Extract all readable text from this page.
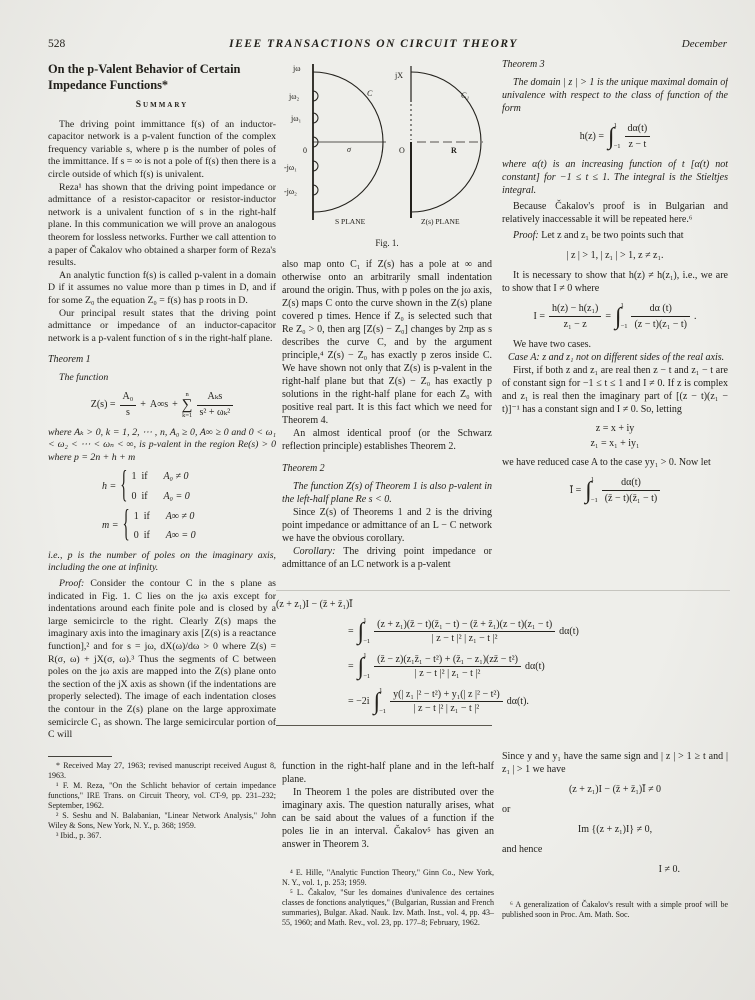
528	IEEE TRANSACTIONS ON CIRCUIT THEORY	December
On the p-Valent Behavior of Certain Impedance Functions*
Summary

The driving point immittance f(s) of an inductor-capacitor network is a p-valent function of the complex frequency variable s, where p is the number of poles of the immittance. If s = ∞ is not a pole of f(s) then there is a circle outside of which f(s) is univalent.

Reza¹ has shown that the driving point impedance or admittance of a resistor-capacitor or resistor-inductor network is a univalent function of s in the right-half plane. In this communication we will prove an analogous theorem for lossless networks. Further we call attention to a paper of Čakalov who obtained a sharper form of Reza's results.

An analytic function f(s) is called p-valent in a domain D if it assumes no value more than p times in D, and if for some Z₀ the equation Z₀ = f(s) has p roots in D.

Our principal result states that the driving point admittance or impedance of an inductor-capacitor network is a p-valent function of s in the right-half plane.

Theorem 1

The function

$Z(s) = \frac{\text{A₀}}{s} + A\infty s$ +
n
∑
$k=1 \frac{\text{Aₖs}}{\text{s² + ωₖ²}}$

where Aₖ > 0, k = 1, 2, ⋯ , n, A₀ ≥ 0, A∞ ≥ 0 and 0 < ω₁ < ω₂ < ⋯ < ωₙ < ∞, is p-valent in the region Re(s) > 0 where p = 2n + h + m

h = { 1 if	A₀ ≠ 0
0 if	A₀ = 0
m = { 1 if	A∞ ≠ 0
0 if	A∞ = 0

i.e., p is the number of poles on the imaginary axis, including the one at infinity.

Proof: Consider the contour C in the s plane as indicated in Fig. 1. C lies on the jω axis except for indentations around each finite pole and is closed by a large semicircle to the right. Clearly Z(s) maps the imaginary axis into the imaginary axis [Z(s) is a reactance function],² and for s = jω, dX(ω)/dω > 0 where Z(s) = R(σ, ω) + jX(σ, ω).³ Thus the segments of C between poles on the jω axis are mapped into the Z(s) plane onto the section of the jX axis as shown (if the indentations are properly selected). The image of each indentation closes the contour in the Z(s) plane on the large approximate semicircle C₁ as shown. The large semicircular portion of C will

* Received May 27, 1963; revised manuscript received August 8, 1963.

¹ F. M. Reza, "On the Schlicht behavior of certain impedance functions," IRE Trans. on Circuit Theory, vol. CT-9, pp. 231–232; September, 1962.

² S. Seshu and N. Balabanian, "Linear Network Analysis," John Wiley & Sons, New York, N. Y., p. 368; 1959.

³ Ibid., p. 367.

jω
jω₂
jω₁
0	σ
C
-jω₁
-jω₂
S PLANE
jX
C₁
O	R
Z(s) PLANE
Fig. 1.

also map onto C₁ if Z(s) has a pole at ∞ and otherwise onto an arbitrarily small indentation around the origin. Thus, with p poles on the jω axis, Z(s) maps C onto the curve shown in the Z(s) plane covered p times. Hence if Z₀ is selected such that Re Z₀ > 0, then arg [Z(s) − Z₀] changes by 2πp as s describes the curve C, and by the argument principle,⁴ Z(s) − Z₀ has exactly p zeros inside C. We have shown not only that Z(s) is p-valent in the right-half plane but that Z(s) − Z₀ has exactly p solutions in the right-half plane for each Z₀ with positive real part. It is this fact which we need for Theorem 4.

An almost identical proof (or the Schwarz reflection principle) establishes Theorem 2.

Theorem 2

The function Z(s) of Theorem 1 is also p-valent in the left-half plane Re s < 0.

Since Z(s) of Theorems 1 and 2 is the driving point impedance or admittance of an L − C network we have the obvious corollary.

Corollary: The driving point impedance or admittance of an LC network is a p-valent

Theorem 3

The domain | z | > 1 is the unique maximal domain of univalence with respect to the class of function of the form

h(z) = ∫ 1
$-1 \frac{d\alpha(t)}{z - t}$

where α(t) is an increasing function of t [α(t) not constant] for −1 ≤ t ≤ 1. The integral is the Stieltjes integral.

Because Čakalov's proof is in Bulgarian and relatively inaccessable it will be repeated here.⁶

Proof: Let z and z₁ be two points such that

| z | > 1, | z₁ | > 1, z ≠ z₁.

It is necessary to show that h(z) ≠ h(z₁), i.e., we are to show that I ≠ 0 where

$I = \frac{\text{h(z) − h(z₁)}}{\text{z₁ − z}}$ = ∫ 1
$-1 \frac{d\alpha (t)}{\text{(z − t)(z₁ − t)}}$ .

We have two cases.

Case A: z and z₁ not on different sides of the real axis.

First, if both z and z₁ are real then z − t and z₁ − t are of constant sign for −1 ≤ t ≤ 1 and I ≠ 0. If z is complex and z₁ is real then the imaginary part of [(z − t)(z₁ − t)]⁻¹ has a constant sign and I ≠ 0. So, letting

z = x + iy
z₁ = x₁ + iy₁

we have reduced case A to the case yy₁ > 0. Now let

Ī = ∫ 1
$-1 \frac{d\alpha(t)}{\text{(z̄ − t)(z̄₁ − t)}}$
(z + z₁)I − (z̄ + z̄₁)Ī
= ∫ 1
$-1 \frac{\text{(z + z₁)(z̄ − t)(z̄₁ − t) − (z̄ + z̄₁)(z − t)(z₁ − t)}}{\text{| z − t |² | z₁ − t |²}} d\alpha(t)$
= ∫ 1
$-1 \frac{\text{(z̄ − z)(z₁z̄₁ − t²) + (z̄₁ − z₁)(zz̄ − t²)}}{\text{| z − t |² | z₁ − t |²}} d\alpha(t)$
= −2i ∫ 1
$-1 \frac{\text{y(| z₁ |² − t²) + y₁(| z |² − t²)}}{\text{| z − t |² | z₁ − t |²}} d\alpha(t)$.

function in the right-half plane and in the left-half plane.

In Theorem 1 the poles are distributed over the imaginary axis. The question naturally arises, what can be said about the values of a function if the poles lie in an interval. Čakalov⁵ has given an answer in Theorem 3.

⁴ E. Hille, "Analytic Function Theory," Ginn Co., New York, N. Y., vol. 1, p. 253; 1959.

⁵ L. Čakalov, "Sur les domaines d'univalence des certaines classes de fonctions analytiques," (Bulgarian, Russian and French summaries), Bulgar. Akad. Nauk. Izv. Math. Inst., vol. 4, pp. 43–55, 1960; and Math. Rev., vol. 23, pp. 177–8; February, 1962.

Since y and y₁ have the same sign and | z | > 1 ≥ t and | z₁ | > 1 we have

(z + z₁)I − (z̄ + z̄₁)Ī ≠ 0

or

Im {(z + z₁)I} ≠ 0,

and hence

I ≠ 0.

⁶ A generalization of Čakalov's result with a simple proof will be published soon in Proc. Am. Math. Soc.
